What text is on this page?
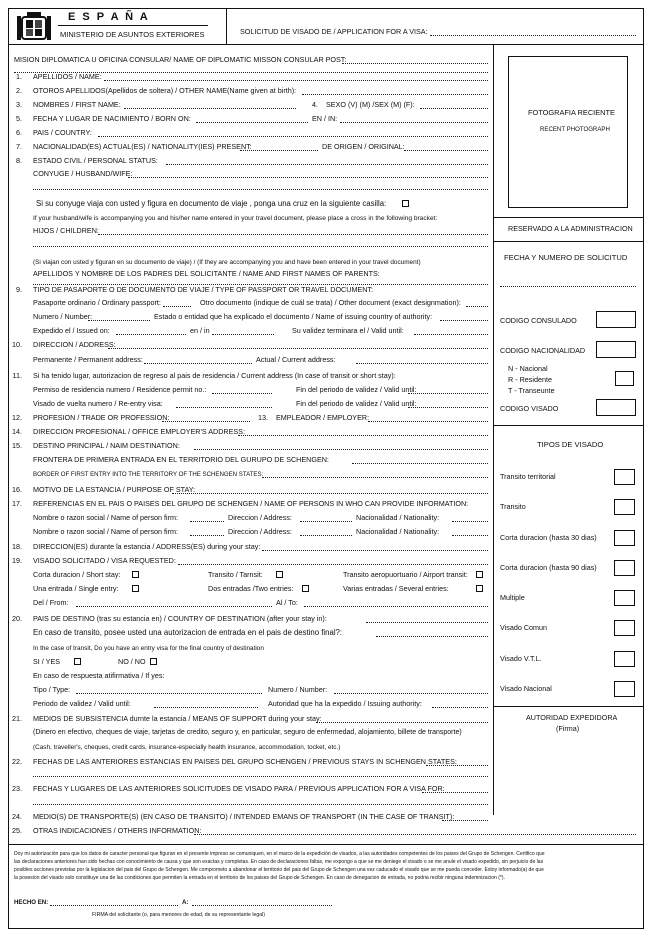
E S P A Ñ A
MINISTERIO DE ASUNTOS EXTERIORES	SOLICITUD DE VISADO DE / APPLICATION FOR A VISA:
FOTOGRAFIA RECIENTE
RECENT PHOTOGRAPH
RESERVADO A LA ADMINISTRACION
FECHA Y NUMERO DE SOLICITUD
CODIGO CONSULADO
CODIGO NACIONALIDAD
N - Nacional
R - Residente
T - Transeunte
CODIGO VISADO
TIPOS DE VISADO
Transito territorial
Transito
Corta duracion (hasta 30 dias)
Corta duracion (hasta 90 dias)
Multiple
Visado Comun
Visado V.T.L.
Visado Nacional
AUTORIDAD EXPEDIDORA
(Firma)
MISION DIPLOMATICA U OFICINA CONSULAR/ NAME OF DIPLOMATIC MISSON CONSULAR POST:
1. APELLIDOS / NAME:
2. OTOROS APELLIDOS(Apellidos de soltera) / OTHER NAME(Name given at birth):
3. NOMBRES / FIRST NAME:	4. SEXO (V) (M) /SEX (M) (F):
5. FECHA Y LUGAR DE NACIMIENTO / BORN ON:	EN / IN:
6. PAIS / COUNTRY:
7. NACIONALIDAD(ES) ACTUAL(ES) / NATIONALITY(IES) PRESENT:	DE ORIGEN / ORIGINAL:
8. ESTADO CIVIL / PERSONAL STATUS:
CONYUGE / HUSBAND/WIFE:
Si su conyuge viaja con usted y figura en documento de viaje , ponga una cruz en la siguiente casilla:
If your husband/wife is accompanying you and his/her name entered in your travel document, please place a cross in the following bracket:
HIJOS / CHILDREN:
(Si viajan con usted y figuran en su documento de viaje) / (If they are accompanying you and have been entered in your travel document)
APELLIDOS Y NOMBRE DE LOS PADRES DEL SOLICITANTE / NAME AND FIRST NAMES OF PARENTS:
9. TIPO DE PASAPORTE O DE DOCUMENTO DE VIAJE / TYPE OF PASSPORT OR TRAVEL DOCUMENT:
Pasaporte ordinario / Ordinary passport:	Otro documento (indique de cuál se trata) / Other document (exact designmation):
Numero / Number:	Estado o entidad que ha explicado el documento / Name of issuing country of authority:
Expedido el / Issued on:	en / in	Su validez terminara el / Valid until:
10. DIRECCION / ADDRESS:
Permanente / Permanent address:	Actual / Current address:
11. Si ha tenido lugar, autorizacion de regreso al pais de residencia / Current address (In case of transit or short stay):
Permiso de residencia numero / Residence permit no.:	Fin del periodo de validez / Valid until:
Visado de vuelta numero / Re-entry visa:	Fin del periodo de validez / Valid until:
12. PROFESION / TRADE OR PROFESSION:	13. EMPLEADOR / EMPLOYER:
14. DIRECCION PROFESIONAL / OFFICE EMPLOYER'S ADDRESS:
15. DESTINO PRINCIPAL / NAIM DESTINATION:
FRONTERA DE PRIMERA ENTRADA EN EL TERRITORIO DEL GURUPO DE SCHENGEN:
BORDER OF FIRST ENTRY INTO THE TERRITORY OF THE SCHENGEN STATES:
16. MOTIVO DE LA ESTANCIA / PURPOSE OF STAY:
17. REFERENCIAS EN EL PAIS O PAISES DEL GRUPO DE SCHENGEN / NAME OF PERSONS IN WHO CAN PROVIDE INFORMATION:
Nombre o razon social / Name of person firm:	Direccion / Address:	Nacionalidad / Nationality:
Nombre o razon social / Name of person firm:	Direccion / Address:	Nacionalidad / Nationality:
18. DIRECCION(ES) durante la estancia / ADDRESS(ES) during your stay:
19. VISADO SOLICITADO / VISA REQUESTED:
Corta duracion / Short stay:	Transito / Tarnsit:	Transito aeropuortuario / Airport transit:
Una entrada / Single entry:	Dos entradas /Two entries:	Varias entradas / Several entries:
Del / From:	Al / To:
20. PAIS DE DESTINO (tras su estancia en) / COUNTRY OF DESTINATION (after your stay in):
En caso de transito, posee usted una autorizacion de entrada en el pais de destino final?:
In the case of transit, Do you have an entry visa for the final country of destination
SI / YES	NO / NO
En caso de respuesta atifirmativa / If yes:
Tipo / Type:	Numero / Number:
Periodo de validez / Valid until:	Autoridad que ha la expedido / Issuing authority:
21. MEDIOS DE SUBSISTENCIA durnte la estancia / MEANS OF SUPPORT during your stay:
(Dinero en efectivo, cheques de viaje, tarjetas de credito, seguro y, en particular, seguro de enfermedad, alojamiento, billete de transporte)
(Cash, traveller's, cheques, credit cards, insurance-especially health insurance, accommodation, tocket, etc.)
22. FECHAS DE LAS ANTERIORES ESTANCIAS EN PAISES DEL GRUPO SCHENGEN / PREVIOUS STAYS IN SCHENGEN STATES:
23. FECHAS Y LUGARES DE LAS ANTERIORES SOLICITUDES DE VISADO PARA / PREVIOUS APPLICATION FOR A VISA FOR:
24. MEDIO(S) DE TRANSPORTE(S) (EN CASO DE TRANSITO) / INTENDED EMANS OF TRANSPORT (IN THE CASE OF TRANSIT):
25. OTRAS INDICACIONES / OTHERS INFORMATION:
Doy mi autorización para que los datos de caracter personal que figuran en el presente impreso se comuniquen, en el marco de la expedición de visados, a las autoridades competentes de los paises del Grupo de Schengen. Certifico que
las declaraciones anteriores han sido hechas con conocimiento de causa y que son exactas y completas. En caso de declaraciones faltas, me expongo a que se me deniege el visado o se me anule el visado expedido, sin perjuicio de las
posibles acciones previstas por la legislacion del pais del Grupo de Schengen. Me comprometo a abandonar el territorio del pais del Grupo de Schengen una vez caducado el visado que se me pueda conceder. Estoy informado(a) de que
la posesion del visado solo constituye una de las condiciones que permiten la entrada en el territorio de los paises del Grupo de Schengen. En caso de denegacion de entrada, no podria recibir ninguna indemnizacion (*).
HECHO EN:	A:
FIRMA del solicitante (o, para menores de edad, de su representante legal)
